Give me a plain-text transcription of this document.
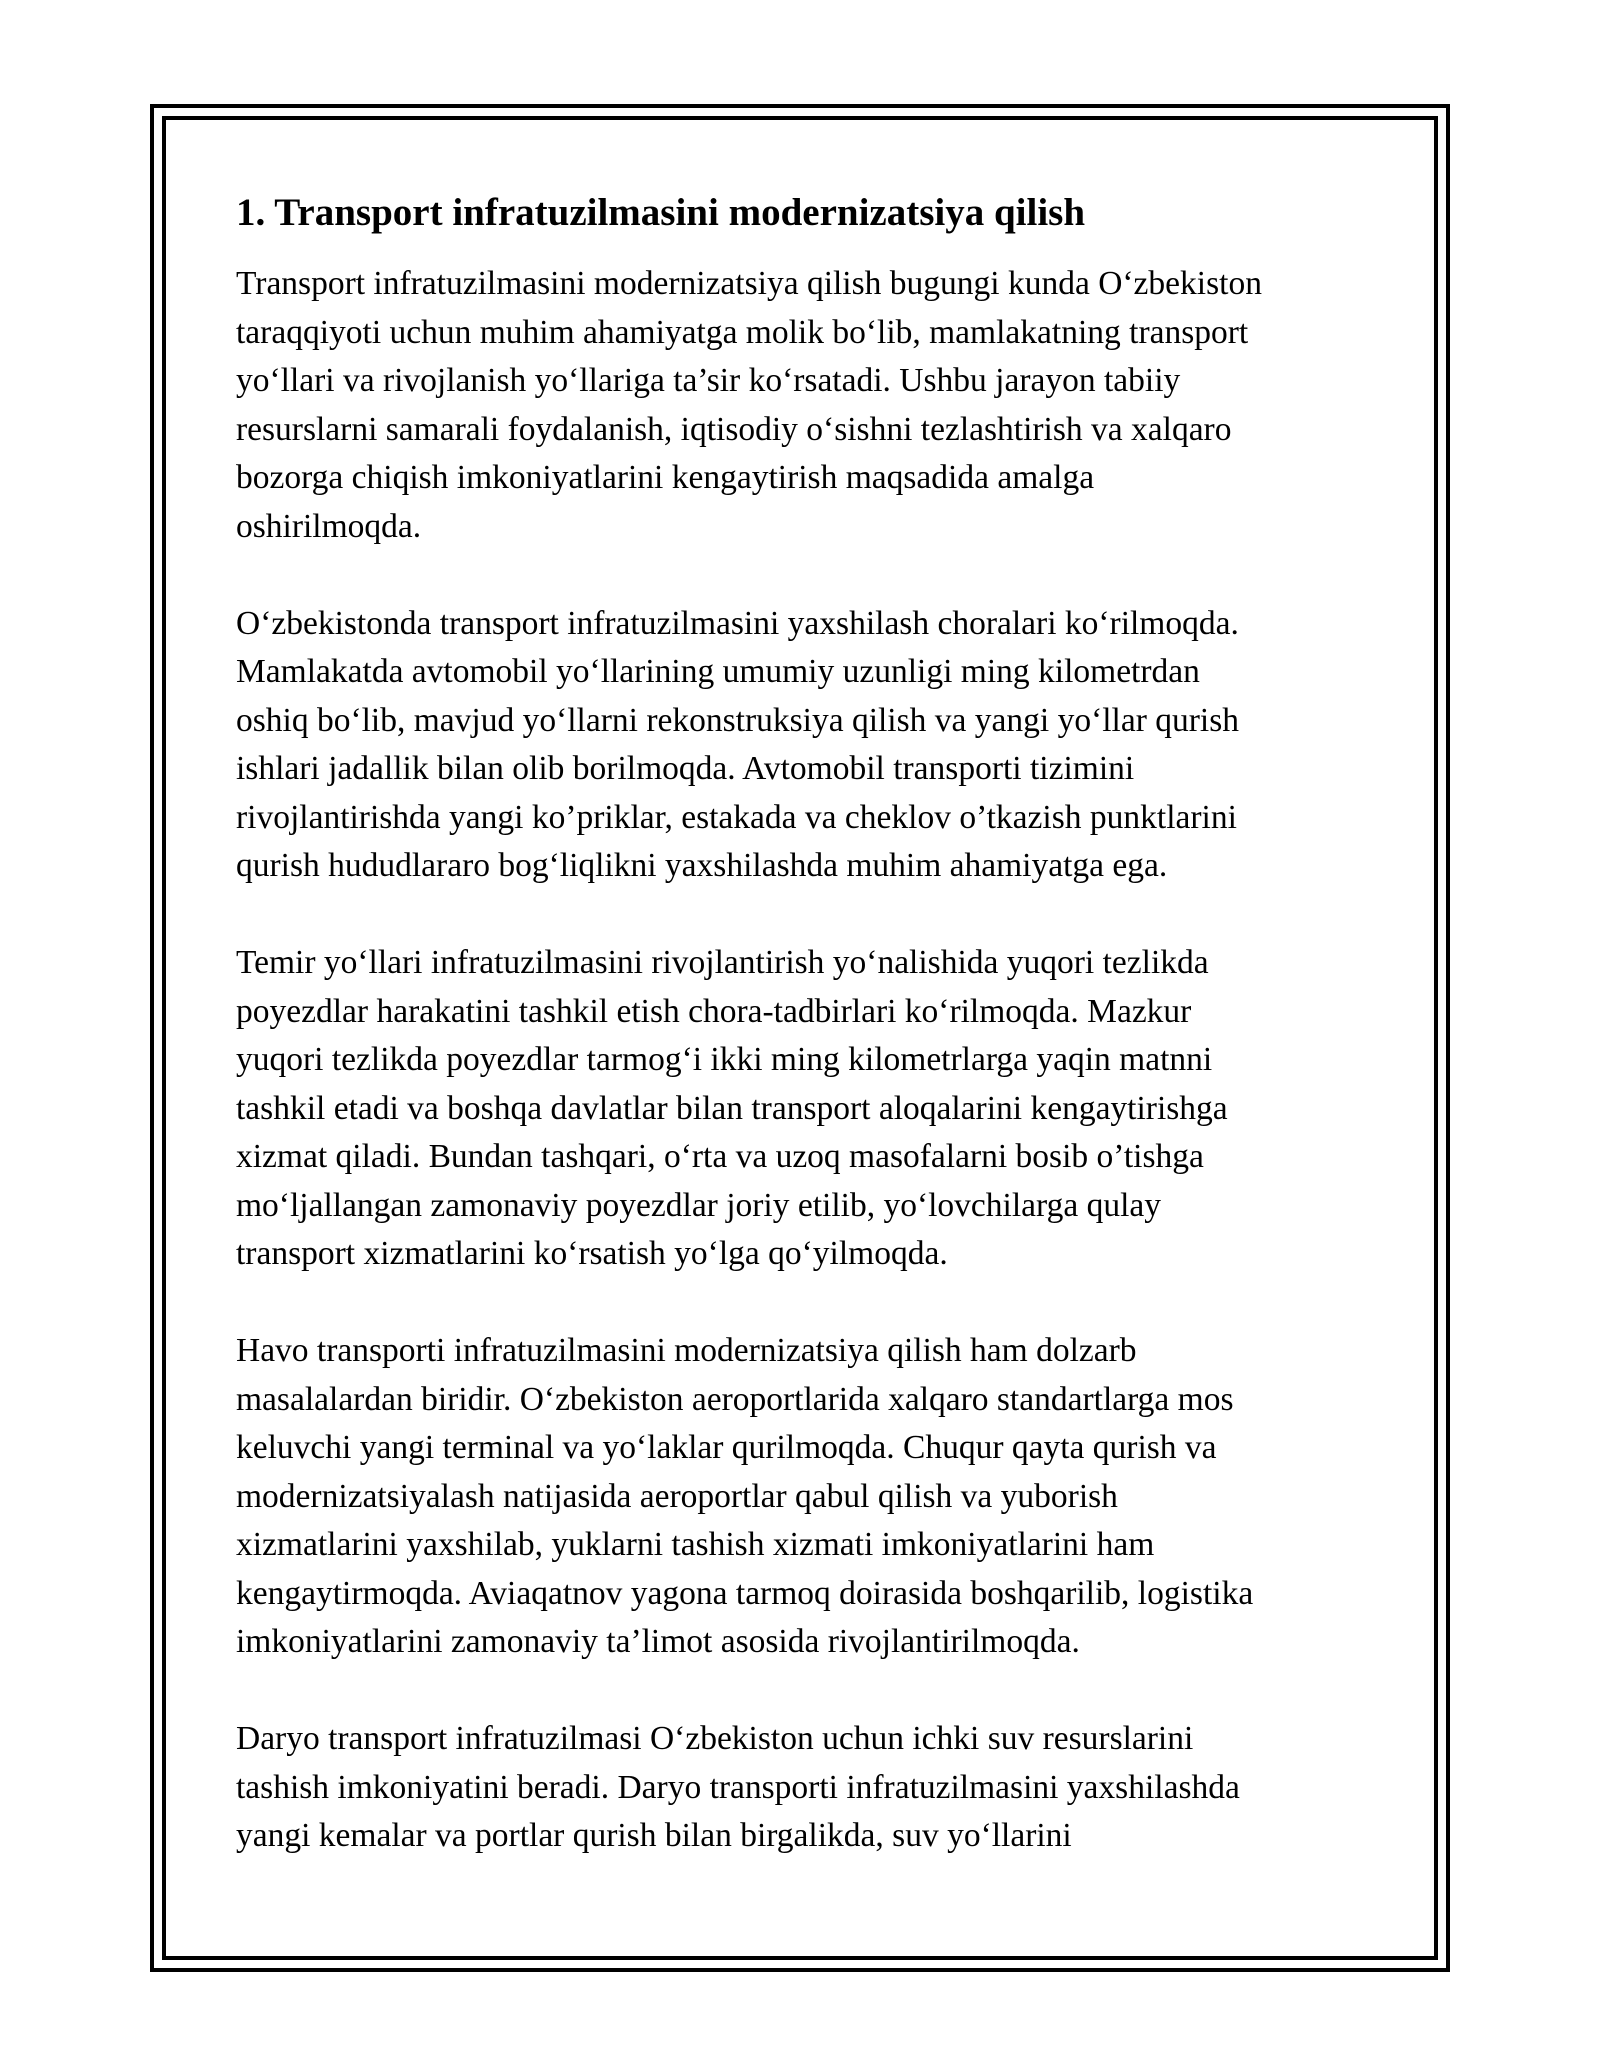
1. Transport infratuzilmasini modernizatsiya qilish

Transport infratuzilmasini modernizatsiya qilish bugungi kunda O‘zbekiston
taraqqiyoti uchun muhim ahamiyatga molik bo‘lib, mamlakatning transport
yo‘llari va rivojlanish yo‘llariga ta’sir ko‘rsatadi. Ushbu jarayon tabiiy
resurslarni samarali foydalanish, iqtisodiy o‘sishni tezlashtirish va xalqaro
bozorga chiqish imkoniyatlarini kengaytirish maqsadida amalga
oshirilmoqda.

O‘zbekistonda transport infratuzilmasini yaxshilash choralari ko‘rilmoqda.
Mamlakatda avtomobil yo‘llarining umumiy uzunligi ming kilometrdan
oshiq bo‘lib, mavjud yo‘llarni rekonstruksiya qilish va yangi yo‘llar qurish
ishlari jadallik bilan olib borilmoqda. Avtomobil transporti tizimini
rivojlantirishda yangi ko’priklar, estakada va cheklov o’tkazish punktlarini
qurish hududlararo bog‘liqlikni yaxshilashda muhim ahamiyatga ega.

Temir yo‘llari infratuzilmasini rivojlantirish yo‘nalishida yuqori tezlikda
poyezdlar harakatini tashkil etish chora-tadbirlari ko‘rilmoqda. Mazkur
yuqori tezlikda poyezdlar tarmog‘i ikki ming kilometrlarga yaqin matnni
tashkil etadi va boshqa davlatlar bilan transport aloqalarini kengaytirishga
xizmat qiladi. Bundan tashqari, o‘rta va uzoq masofalarni bosib o’tishga
mo‘ljallangan zamonaviy poyezdlar joriy etilib, yo‘lovchilarga qulay
transport xizmatlarini ko‘rsatish yo‘lga qo‘yilmoqda.

Havo transporti infratuzilmasini modernizatsiya qilish ham dolzarb
masalalardan biridir. O‘zbekiston aeroportlarida xalqaro standartlarga mos
keluvchi yangi terminal va yo‘laklar qurilmoqda. Chuqur qayta qurish va
modernizatsiyalash natijasida aeroportlar qabul qilish va yuborish
xizmatlarini yaxshilab, yuklarni tashish xizmati imkoniyatlarini ham
kengaytirmoqda. Aviaqatnov yagona tarmoq doirasida boshqarilib, logistika
imkoniyatlarini zamonaviy ta’limot asosida rivojlantirilmoqda.

Daryo transport infratuzilmasi O‘zbekiston uchun ichki suv resurslarini
tashish imkoniyatini beradi. Daryo transporti infratuzilmasini yaxshilashda
yangi kemalar va portlar qurish bilan birgalikda, suv yo‘llarini
